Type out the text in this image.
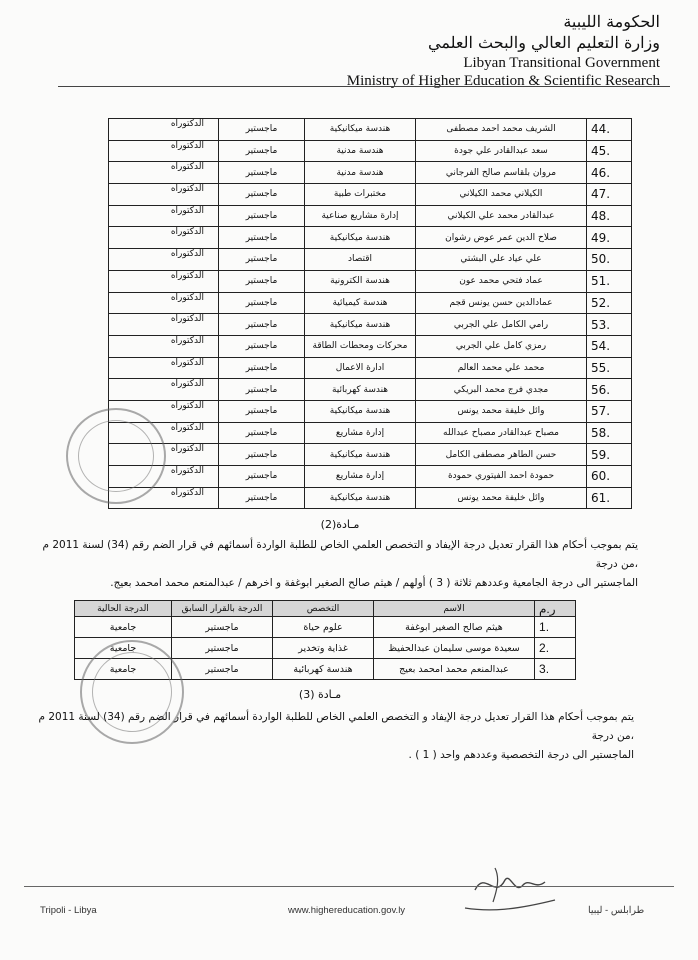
الحكومة الليبية
وزارة التعليم العالي والبحث العلمي
Libyan Transitional Government
Ministry of Higher Education & Scientific Research
.44	الشريف محمد احمد مصطفى	هندسة ميكانيكية	ماجستير	الدكتوراه
.45	سعد عبدالقادر علي جودة	هندسة مدنية	ماجستير	الدكتوراه
.46	مروان بلقاسم صالح الفرجاني	هندسة مدنية	ماجستير	الدكتوراه
.47	الكيلاني محمد الكيلاني	مختبرات طبية	ماجستير	الدكتوراه
.48	عبدالقادر محمد علي الكيلاني	إدارة مشاريع صناعية	ماجستير	الدكتوراه
.49	صلاح الدين عمر عوض رشوان	هندسة ميكانيكية	ماجستير	الدكتوراه
.50	علي عياد علي البشتي	اقتصاد	ماجستير	الدكتوراه
.51	عماد فتحي محمد عون	هندسة الكترونية	ماجستير	الدكتوراه
.52	عمادالدين حسن يونس قجم	هندسة كيميائية	ماجستير	الدكتوراه
.53	رامي الكامل علي الجربي	هندسة ميكانيكية	ماجستير	الدكتوراه
.54	رمزي كامل علي الجربي	محركات ومحطات الطاقة	ماجستير	الدكتوراه
.55	محمد علي محمد العالم	ادارة الاعمال	ماجستير	الدكتوراه
.56	مجدي فرج محمد البريكي	هندسة كهربائية	ماجستير	الدكتوراه
.57	وائل خليفة محمد يونس	هندسة ميكانيكية	ماجستير	الدكتوراه
.58	مصباح عبدالقادر مصباح عبدالله	إدارة مشاريع	ماجستير	الدكتوراه
.59	حسن الطاهر مصطفى الكامل	هندسة ميكانيكية	ماجستير	الدكتوراه
.60	حمودة احمد الفيتوري حمودة	إدارة مشاريع	ماجستير	الدكتوراه
.61	وائل خليفة محمد يونس	هندسة ميكانيكية	ماجستير	الدكتوراه
مـادة(2)
يتم بموجب أحكام هذا القرار تعديل درجة الإيفاد و التخصص العلمي الخاص للطلبة الواردة أسمائهم في قرار الضم رقم (34) لسنة 2011 م ،من درجة
الماجستير الى درجة الجامعية وعددهم ثلاثة ( 3 ) أولهم / هيثم صالح الصغير ابوغفة و اخرهم / عبدالمنعم محمد امحمد بعيج.
ر.م	الاسم	التخصص	الدرجة بالقرار السابق	الدرجة الحالية
.1	هيثم صالح الصغير ابوغفة	علوم حياة	ماجستير	جامعية
.2	سعيدة موسى سليمان عبدالحفيظ	غذاية وتخدير	ماجستير	جامعية
.3	عبدالمنعم محمد امحمد بعيج	هندسة كهربائية	ماجستير	جامعية
مـادة (3)
يتم بموجب أحكام هذا القرار تعديل درجة الإيفاد و التخصص العلمي الخاص للطلبة الواردة أسمائهم في قرار الضم رقم (34) لسنة 2011 م ،من درجة
الماجستير الى درجة التخصصية وعددهم واحد ( 1 ) .
Tripoli - Libya	www.highereducation.gov.ly	طرابلس - ليبيا
